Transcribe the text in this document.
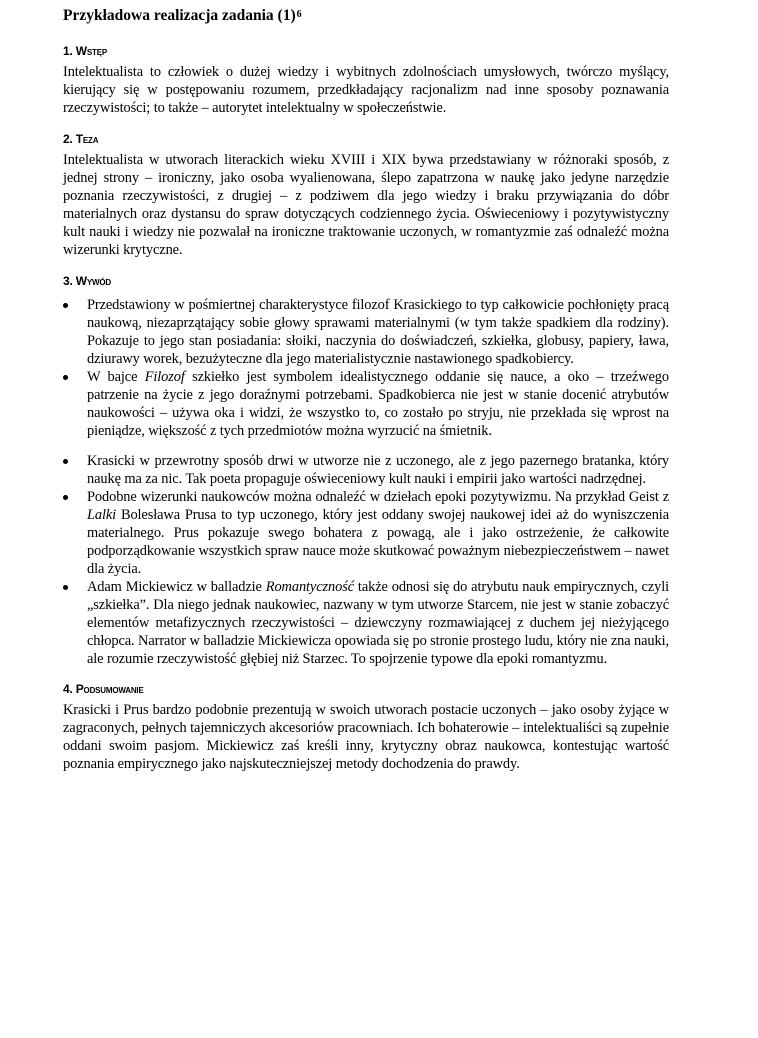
Przykładowa realizacja zadania $(1)^6$
1. Wstęp

Intelektualista to człowiek o dużej wiedzy i wybitnych zdolnościach umysłowych, twórczo myślący, kierujący się w postępowaniu rozumem, przedkładający racjonalizm nad inne sposoby poznawania rzeczywistości; to także – autorytet intelektualny w społeczeństwie.

2. Teza

Intelektualista w utworach literackich wieku XVIII i XIX bywa przedstawiany w różnoraki sposób, z jednej strony – ironiczny, jako osoba wyalienowana, ślepo zapatrzona w naukę jako jedyne narzędzie poznania rzeczywistości, z drugiej – z podziwem dla jego wiedzy i braku przywiązania do dóbr materialnych oraz dystansu do spraw dotyczących codziennego życia. Oświeceniowy i pozytywistyczny kult nauki i wiedzy nie pozwalał na ironiczne traktowanie uczonych, w romantyzmie zaś odnaleźć można wizerunki krytyczne.

3. Wywód
Przedstawiony w pośmiertnej charakterystyce filozof Krasickiego to typ całkowicie pochłonięty pracą naukową, niezaprzątający sobie głowy sprawami materialnymi (w tym także spadkiem dla rodziny). Pokazuje to jego stan posiadania: słoiki, naczynia do doświadczeń, szkiełka, globusy, papiery, ława, dziurawy worek, bezużyteczne dla jego materialistycznie nastawionego spadkobiercy.
W bajce Filozof szkiełko jest symbolem idealistycznego oddanie się nauce, a oko – trzeźwego patrzenie na życie z jego doraźnymi potrzebami. Spadkobierca nie jest w stanie docenić atrybutów naukowości – używa oka i widzi, że wszystko to, co zostało po stryju, nie przekłada się wprost na pieniądze, większość z tych przedmiotów można wyrzucić na śmietnik.
Krasicki w przewrotny sposób drwi w utworze nie z uczonego, ale z jego pazernego bratanka, który naukę ma za nic. Tak poeta propaguje oświeceniowy kult nauki i empirii jako wartości nadrzędnej.
Podobne wizerunki naukowców można odnaleźć w dziełach epoki pozytywizmu. Na przykład Geist z Lalki Bolesława Prusa to typ uczonego, który jest oddany swojej naukowej idei aż do wyniszczenia materialnego. Prus pokazuje swego bohatera z powagą, ale i jako ostrzeżenie, że całkowite podporządkowanie wszystkich spraw nauce może skutkować poważnym niebezpieczeństwem – nawet dla życia.
Adam Mickiewicz w balladzie Romantyczność także odnosi się do atrybutu nauk empirycznych, czyli „szkiełka”. Dla niego jednak naukowiec, nazwany w tym utworze Starcem, nie jest w stanie zobaczyć elementów metafizycznych rzeczywistości – dziewczyny rozmawiającej z duchem jej nieżyjącego chłopca. Narrator w balladzie Mickiewicza opowiada się po stronie prostego ludu, który nie zna nauki, ale rozumie rzeczywistość głębiej niż Starzec. To spojrzenie typowe dla epoki romantyzmu.
4. Podsumowanie

Krasicki i Prus bardzo podobnie prezentują w swoich utworach postacie uczonych – jako osoby żyjące w zagraconych, pełnych tajemniczych akcesoriów pracowniach. Ich bohaterowie – intelektualiści są zupełnie oddani swoim pasjom. Mickiewicz zaś kreśli inny, krytyczny obraz naukowca, kontestując wartość poznania empirycznego jako najskuteczniejszej metody dochodzenia do prawdy.
